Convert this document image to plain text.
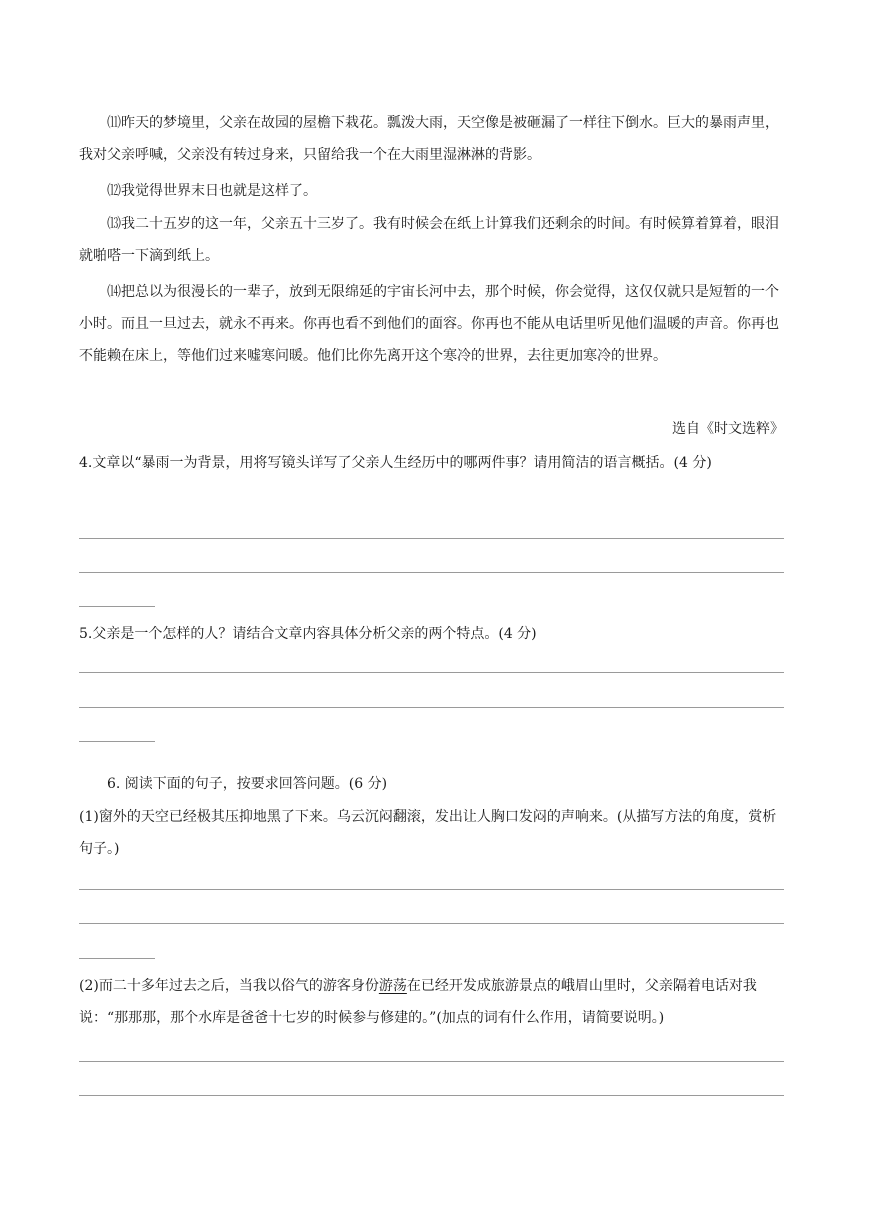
⑾昨天的梦境里，父亲在故园的屋檐下栽花。瓢泼大雨，天空像是被砸漏了一样往下倒水。巨大的暴雨声里，我对父亲呼喊，父亲没有转过身来，只留给我一个在大雨里湿淋淋的背影。

⑿我觉得世界末日也就是这样了。

⒀我二十五岁的这一年，父亲五十三岁了。我有时候会在纸上计算我们还剩余的时间。有时候算着算着，眼泪就啪嗒一下滴到纸上。

⒁把总以为很漫长的一辈子，放到无限绵延的宇宙长河中去，那个时候，你会觉得，这仅仅就只是短暂的一个小时。而且一旦过去，就永不再来。你再也看不到他们的面容。你再也不能从电话里听见他们温暖的声音。你再也不能赖在床上，等他们过来嘘寒问暖。他们比你先离开这个寒冷的世界，去往更加寒冷的世界。

选自《时文选粹》

4.文章以“暴雨一为背景，用将写镜头详写了父亲人生经历中的哪两件事？请用简洁的语言概括。(4 分)

5.父亲是一个怎样的人？请结合文章内容具体分析父亲的两个特点。(4 分)

6. 阅读下面的句子，按要求回答问题。(6 分)

(1)窗外的天空已经极其压抑地黑了下来。乌云沉闷翻滚，发出让人胸口发闷的声响来。(从描写方法的角度，赏析句子。)

(2)而二十多年过去之后，当我以俗气的游客身份游荡在已经开发成旅游景点的峨眉山里时，父亲隔着电话对我说：“那那那，那个水库是爸爸十七岁的时候参与修建的。”(加点的词有什么作用，请简要说明。)
